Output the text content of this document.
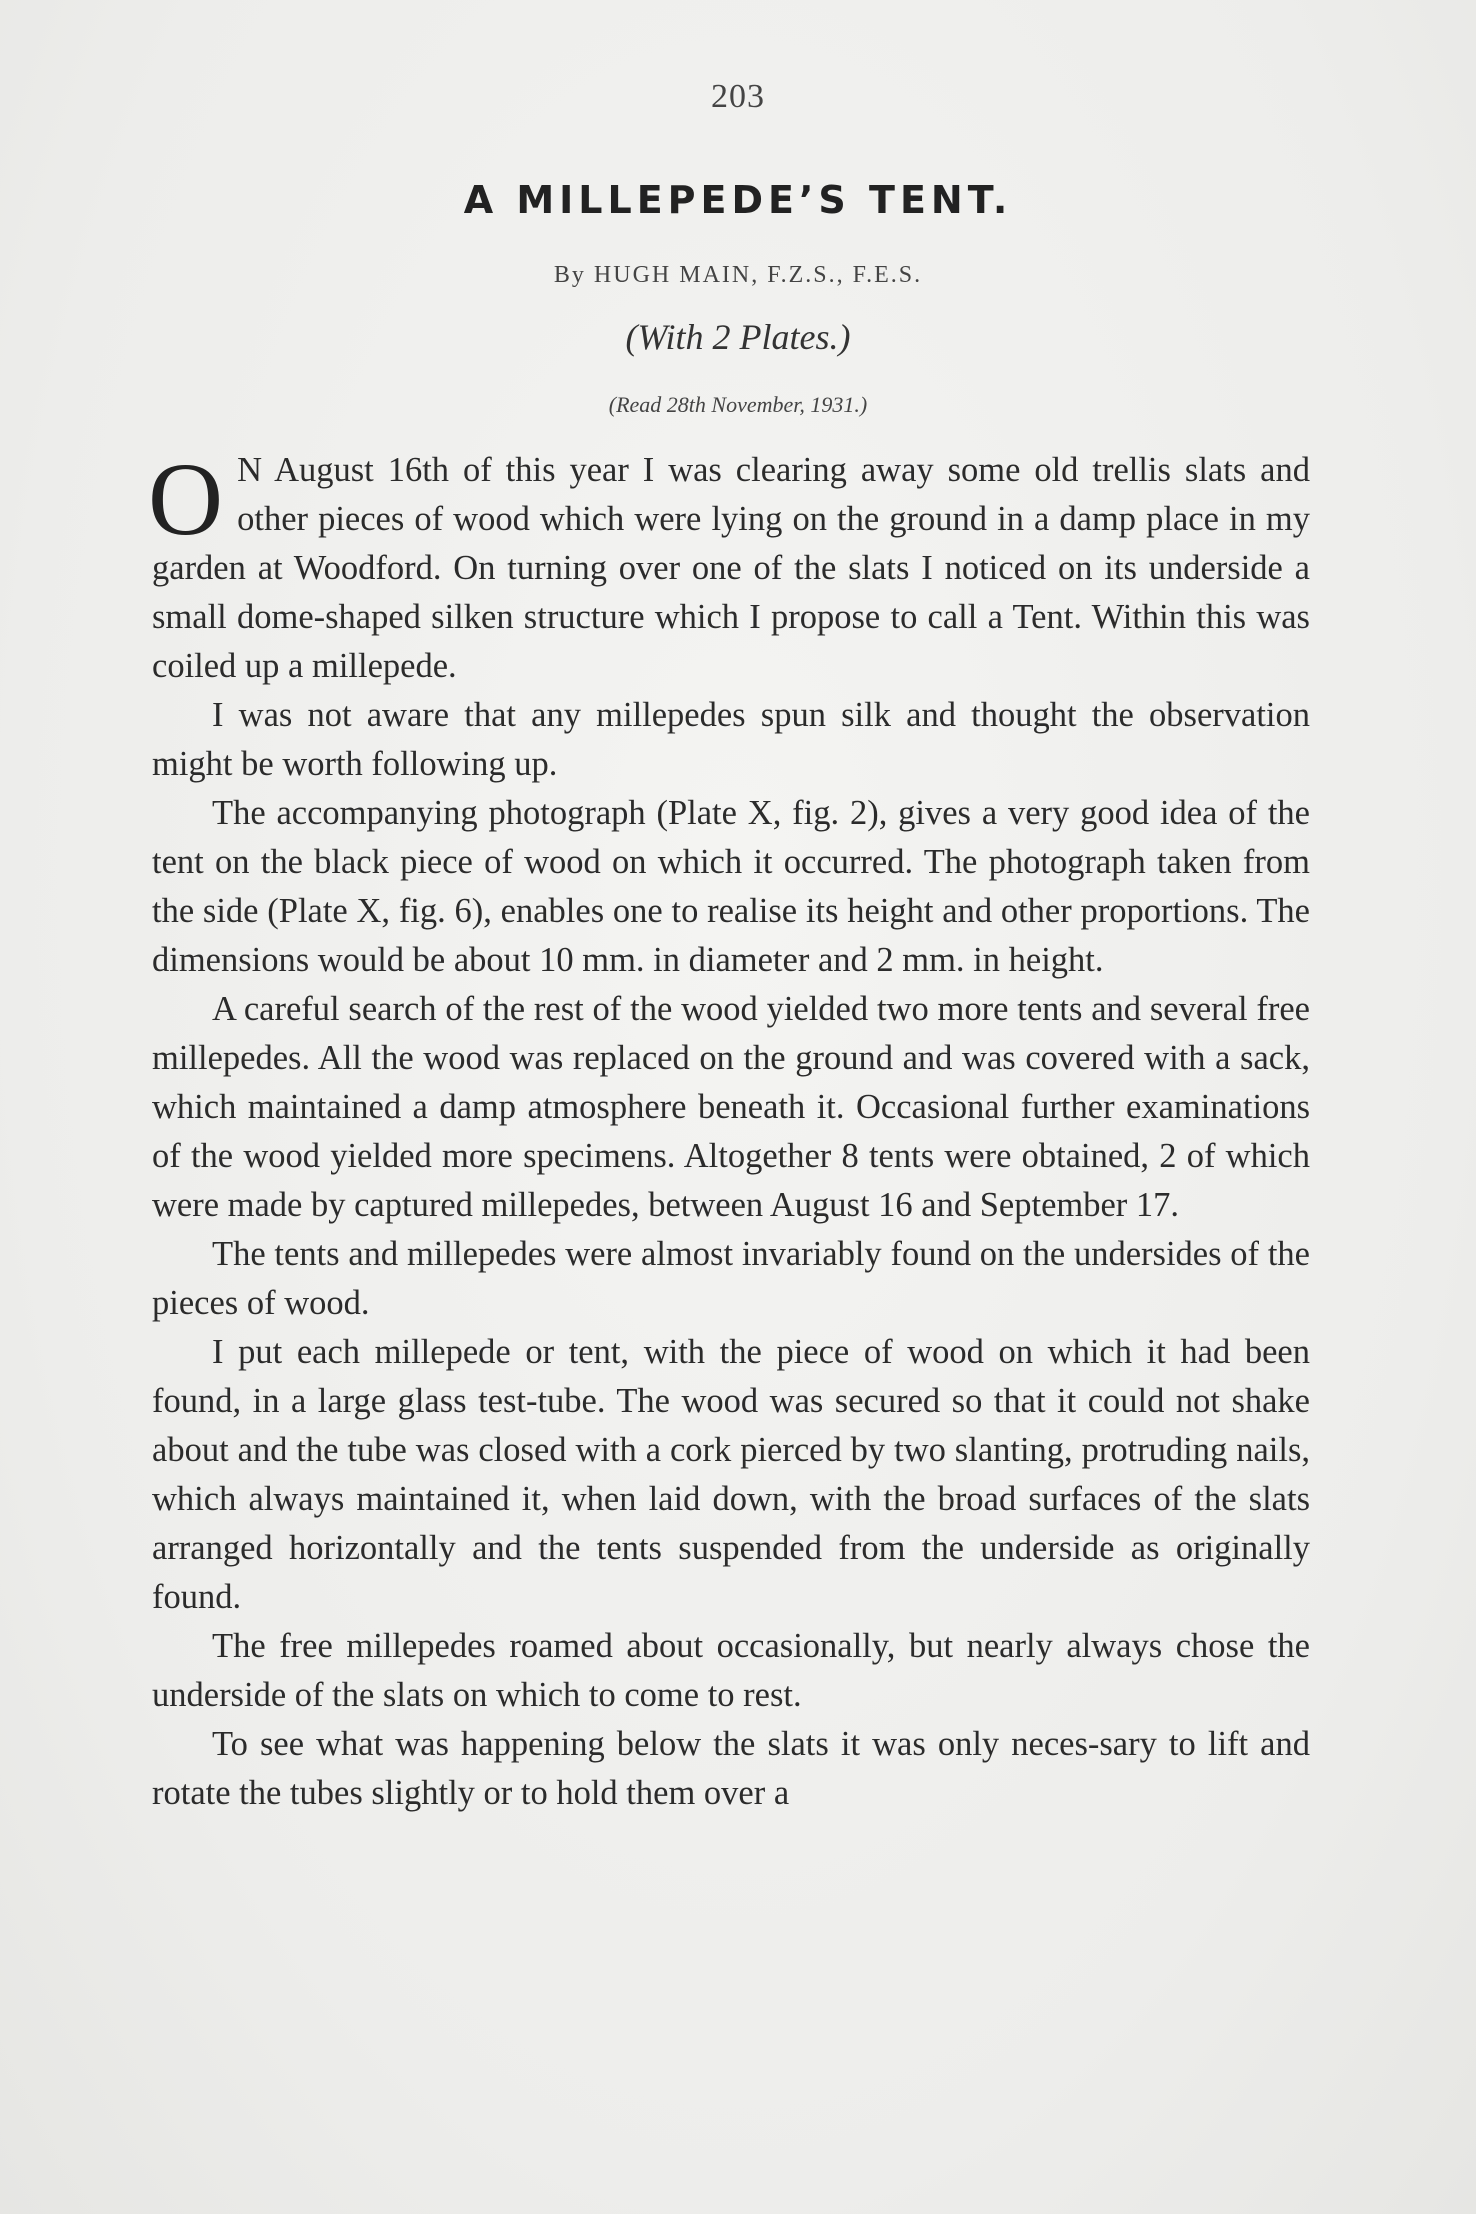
203
A MILLEPEDE’S TENT.
By HUGH MAIN, F.Z.S., F.E.S.
(With 2 Plates.)
(Read 28th November, 1931.)

O N August 16th of this year I was clearing away some old trellis slats and other pieces of wood which were lying on the ground in a damp place in my garden at Woodford. On turning over one of the slats I noticed on its underside a small dome-shaped silken structure which I propose to call a Tent. Within this was coiled up a millepede.

I was not aware that any millepedes spun silk and thought the observation might be worth following up.

The accompanying photograph (Plate X, fig. 2), gives a very good idea of the tent on the black piece of wood on which it occurred. The photograph taken from the side (Plate X, fig. 6), enables one to realise its height and other proportions. The dimensions would be about 10 mm. in diameter and 2 mm. in height.

A careful search of the rest of the wood yielded two more tents and several free millepedes. All the wood was replaced on the ground and was covered with a sack, which maintained a damp atmosphere beneath it. Occasional further examinations of the wood yielded more specimens. Altogether 8 tents were obtained, 2 of which were made by captured millepedes, between August 16 and September 17.

The tents and millepedes were almost invariably found on the undersides of the pieces of wood.

I put each millepede or tent, with the piece of wood on which it had been found, in a large glass test-tube. The wood was secured so that it could not shake about and the tube was closed with a cork pierced by two slanting, protruding nails, which always maintained it, when laid down, with the broad surfaces of the slats arranged horizontally and the tents suspended from the underside as originally found.

The free millepedes roamed about occasionally, but nearly always chose the underside of the slats on which to come to rest.

To see what was happening below the slats it was only neces-sary to lift and rotate the tubes slightly or to hold them over a
